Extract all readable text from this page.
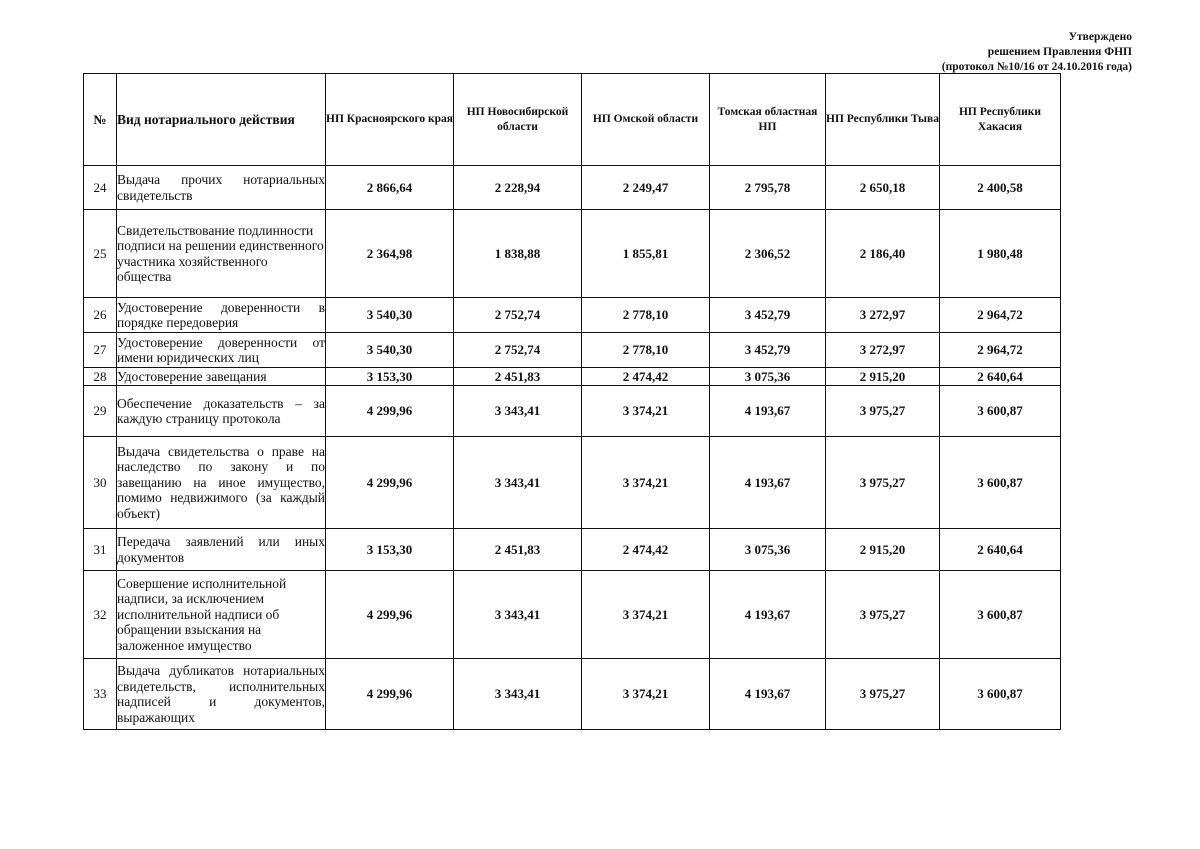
Утверждено
решением Правления ФНП
(протокол №10/16 от 24.10.2016 года)
№	Вид нотариального действия	НП Красноярского края	НП Новосибирской области	НП Омской области	Томская областная НП	НП Республики Тыва	НП Республики Хакасия
24	Выдача прочих нотариальных свидетельств	2 866,64	2 228,94	2 249,47	2 795,78	2 650,18	2 400,58
25	Свидетельствование подлинности подписи на решении единственного участника хозяйственного общества	2 364,98	1 838,88	1 855,81	2 306,52	2 186,40	1 980,48
26	Удостоверение доверенности в порядке передоверия	3 540,30	2 752,74	2 778,10	3 452,79	3 272,97	2 964,72
27	Удостоверение доверенности от имени юридических лиц	3 540,30	2 752,74	2 778,10	3 452,79	3 272,97	2 964,72
28	Удостоверение завещания	3 153,30	2 451,83	2 474,42	3 075,36	2 915,20	2 640,64
29	Обеспечение доказательств – за каждую страницу протокола	4 299,96	3 343,41	3 374,21	4 193,67	3 975,27	3 600,87
30	Выдача свидетельства о праве на наследство по закону и по завещанию на иное имущество, помимо недвижимого (за каждый объект)	4 299,96	3 343,41	3 374,21	4 193,67	3 975,27	3 600,87
31	Передача заявлений или иных документов	3 153,30	2 451,83	2 474,42	3 075,36	2 915,20	2 640,64
32	Совершение исполнительной надписи, за исключением исполнительной надписи об обращении взыскания на заложенное имущество	4 299,96	3 343,41	3 374,21	4 193,67	3 975,27	3 600,87
33	Выдача дубликатов нотариальных свидетельств, исполнительных надписей и документов, выражающих	4 299,96	3 343,41	3 374,21	4 193,67	3 975,27	3 600,87
